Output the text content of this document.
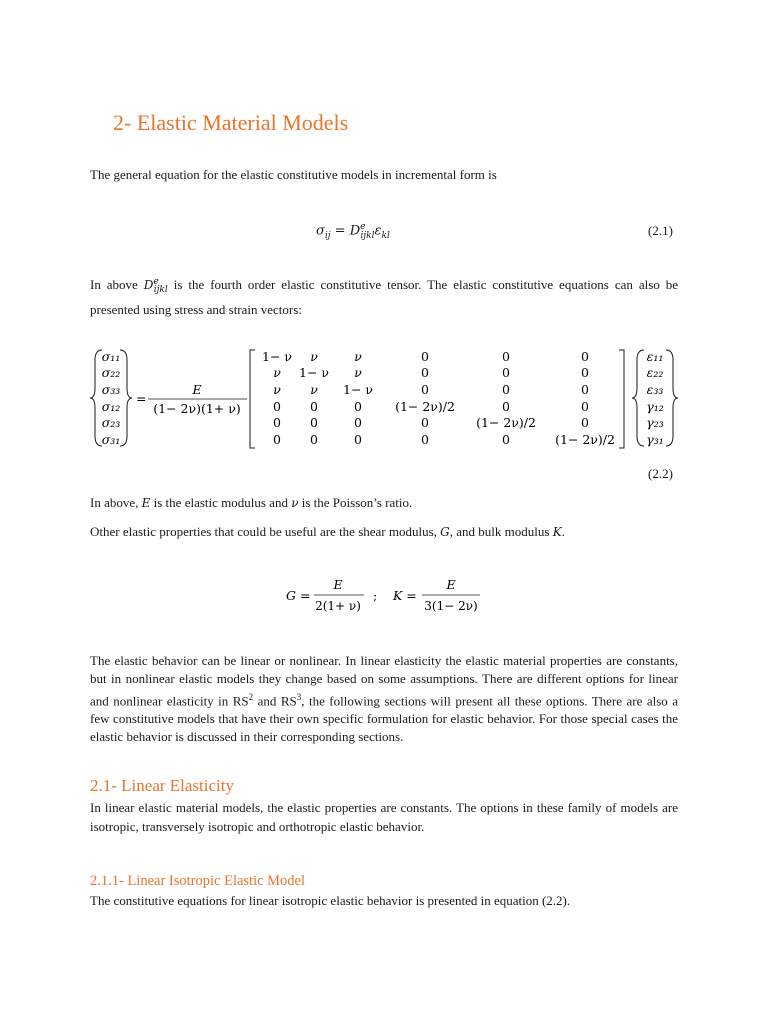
2- Elastic Material Models
The general equation for the elastic constitutive models in incremental form is
$\sigma_{ij} = D^e_{ijkl}\varepsilon_{kl}$	(2.1)
In above $D^e_{ijkl}$ is the fourth order elastic constitutive tensor. The elastic constitutive equations can also be presented using stress and strain vectors:
σ₁₁
σ₂₂
σ₃₃
σ₁₂
σ₂₃
σ₃₁
=
E
(1− 2ν)(1+ ν)
1− ν ν	ν	0	0	0
ν 1− ν ν	0	0	0
ν ν 1− ν	0	0	0
0 0	0	(1− 2ν)/2	0	0
0 0	0	0	(1− 2ν)/2	0
0 0	0	0	0	(1− 2ν)/2
ε₁₁
ε₂₂
ε₃₃
γ₁₂
γ₂₃
γ₃₁
(2.2)
In above, E is the elastic modulus and ν is the Poisson’s ratio.
Other elastic properties that could be useful are the shear modulus, G, and bulk modulus K.
G =
E
2(1+ ν)
; K =
E
3(1− 2ν)
The elastic behavior can be linear or nonlinear. In linear elasticity the elastic material properties are constants, but in nonlinear elastic models they change based on some assumptions. There are different options for linear and nonlinear elasticity in $RS^2$ and $RS^3$, the following sections will present all these options. There are also a few constitutive models that have their own specific formulation for elastic behavior. For those special cases the elastic behavior is discussed in their corresponding sections.
2.1- Linear Elasticity
In linear elastic material models, the elastic properties are constants. The options in these family of models are isotropic, transversely isotropic and orthotropic elastic behavior.
2.1.1- Linear Isotropic Elastic Model
The constitutive equations for linear isotropic elastic behavior is presented in equation (2.2).
